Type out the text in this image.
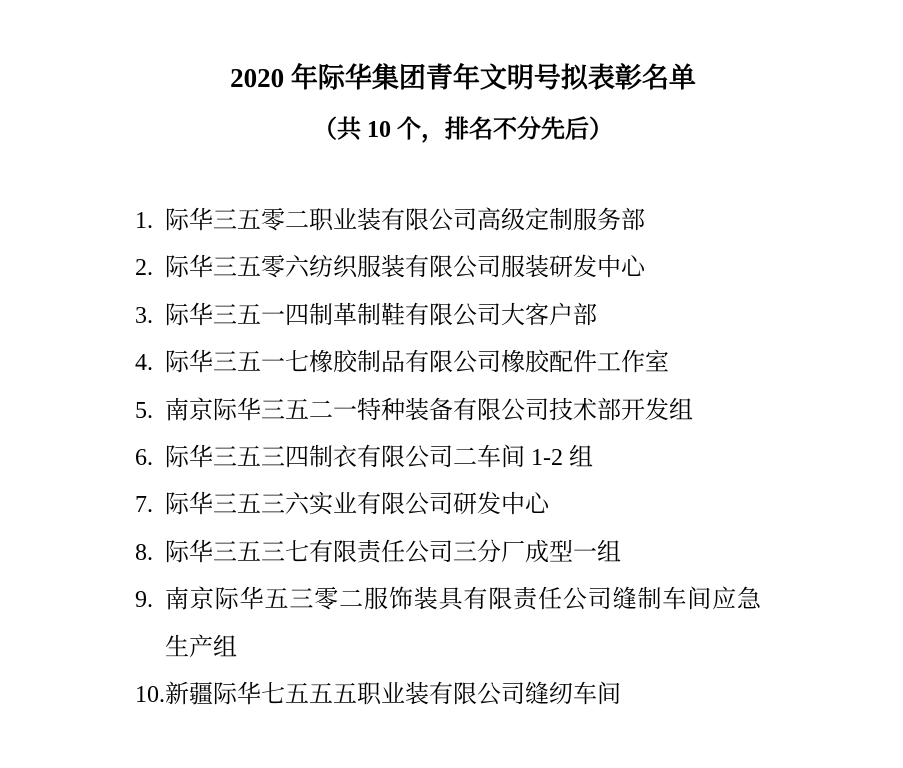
2020 年际华集团青年文明号拟表彰名单
（共 10 个，排名不分先后）
1. 际华三五零二职业装有限公司高级定制服务部
2. 际华三五零六纺织服装有限公司服装研发中心
3. 际华三五一四制革制鞋有限公司大客户部
4. 际华三五一七橡胶制品有限公司橡胶配件工作室
5. 南京际华三五二一特种装备有限公司技术部开发组
6. 际华三五三四制衣有限公司二车间 1-2 组
7. 际华三五三六实业有限公司研发中心
8. 际华三五三七有限责任公司三分厂成型一组
9. 南京际华五三零二服饰装具有限责任公司缝制车间应急生产组
10. 新疆际华七五五五职业装有限公司缝纫车间
